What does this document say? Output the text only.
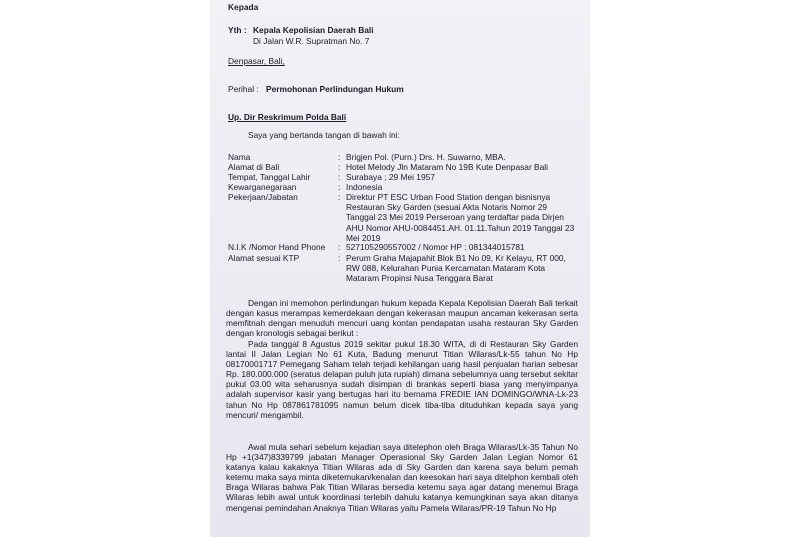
Kepada
Yth : Kepala Kepolisian Daerah Bali
Di Jalan W.R. Supratman No. 7
Denpasar, Bali,
Perihal : Permohonan Perlindungan Hukum
Up. Dir Reskrimum Polda Bali
Saya yang bertanda tangan di bawah ini:
Nama	: Brigjen Pol. (Purn.) Drs. H. Suwarno, MBA.
Alamat di Bali	: Hotel Melody Jln Mataram No 19B Kute Denpasar Bali
Tempat, Tanggal Lahir	: Surabaya ; 29 Mei 1957
Kewarganegaraan	: Indonesia
Pekerjaan/Jabatan	: Direktur PT ESC Urban Food Station dengan bisnisnya Restauran Sky Garden (sesuai Akta Notaris Nomor 29 Tanggal 23 Mei 2019 Perseroan yang terdaftar pada Dirjen AHU Nomor AHU-0084451.AH. 01.11.Tahun 2019 Tanggal 23 Mei 2019
N.I.K /Nomor Hand Phone : 527105290557002 / Nomor HP : 081344015781
Alamat sesuai KTP	: Perum Graha Majapahit Blok B1 No 09, Kr Kelayu, RT 000, RW 088, Kelurahan Punia Kercamatan Mataram Kota Mataram Propinsi Nusa Tenggara Barat
Dengan ini memohon perlindungan hukum kepada Kepala Kepolisian Daerah Bali terkait dengan kasus merampas kemerdekaan dengan kekerasan maupun ancaman kekerasan serta memfitnah dengan menuduh mencuri uang kontan pendapatan usaha restauran Sky Garden dengan kronologis sebagai berikut :
Pada tanggal 8 Agustus 2019 sekitar pukul 18.30 WITA, di di Restauran Sky Garden lantai II Jalan Legian No 61 Kuta, Badung menurut Titian Wilaras/Lk-55 tahun No Hp 08170001717 Pemegang Saham telah terjadi kehilangan uang hasil penjualan harian sebesar Rp. 180.000.000 (seratus delapan puluh juta rupiah) dimana sebelumnya uang tersebut sekitar pukul 03.00 wita seharusnya sudah disimpan di brankas seperti biasa yang menyimpanya adalah supervisor kasir yang bertugas hari itu bernama FREDIE IAN DOMINGO/WNA-Lk-23 tahun No Hp 087861781095 namun belum dicek tiba-tiba dituduhkan kepada saya yang mencuri/ mengambil.
Awal mula sehari sebelum kejadian saya ditelephon oleh Braga Wilaras/Lk-35 Tahun No Hp +1(347)8339799 jabatan Manager Operasional Sky Garden Jalan Legian Nomor 61 katanya kalau kakaknya Titian Wilaras ada di Sky Garden dan karena saya belum pernah ketemu maka saya minta diketemukan/kenalan dan keesokan hari saya ditelphon kembali oleh Braga Wilaras bahwa Pak Titian Wilaras bersedia ketemu saya agar datang menemui Braga Wilaras lebih awal untuk koordinasi terlebih dahulu katanya kemungkinan saya akan ditanya mengenai pemindahan Anaknya Titian Wilaras yaitu Pamela Wilaras/PR-19 Tahun No Hp
